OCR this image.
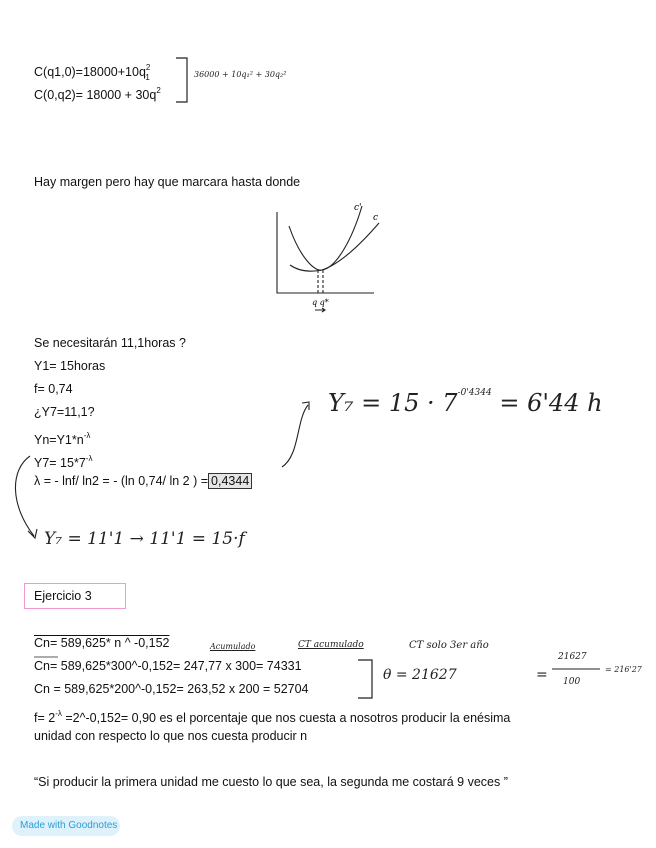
$C(q1,0)=18000+10q^2_1$
$C(0,q2)= 18000 + 30q^2$
36000 + 10q₁² + 30q₂²
Hay margen pero hay que marcara hasta donde
Se necesitarán 11,1horas ?
Y1= 15horas
f= 0,74
¿Y7=11,1?
$Yn=Y1*n^{-\lambda}$
$Y7= 15*7^{-\lambda}$
λ = - lnf/ ln2 = - (ln 0,74/ ln 2 ) = 0,4344
$Y_7 = 15 \cdot 7^{-0'4344} = 6'44$ h
Y₇ = 11'1 → 11'1 = 15·f
Ejercicio 3
Acumulado	CT acumulado	CT solo 3er año
Cn= 589,625* n ^ -0,152
Cn= 589,625*300^-0,152= 247,77 x 300= 74331
Cn = 589,625*200^-0,152= 263,52 x 200 = 52704
θ = 21627	=
21627
100
= 216'27
$f= 2^{-\lambda}$ =2^-0,152= 0,90 es el porcentaje que nos cuesta a nosotros producir la enésima
unidad con respecto lo que nos cuesta producir n
“Si producir la primera unidad me cuesto lo que sea, la segunda me costará 9 veces ”
Made with Goodnotes
c'
c
q q*
